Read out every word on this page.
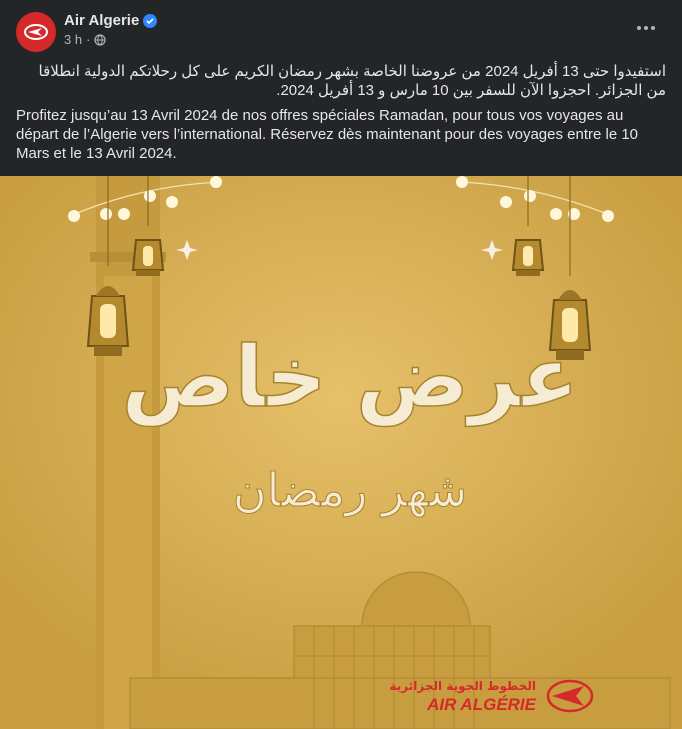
Air Algerie
3 h ·
استفيدوا حتى 13 أفريل 2024 من عروضنا الخاصة بشهر رمضان الكريم على كل رحلاتكم الدولية انطلاقا من الجزائر. احجزوا الآن للسفر بين 10 مارس و 13 أفريل 2024.
Profitez jusqu’au 13 Avril 2024 de nos offres spéciales Ramadan, pour tous vos voyages au départ de l’Algerie vers l’international. Réservez dès maintenant pour des voyages entre le 10 Mars et le 13 Avril 2024.
عرض خاص
شهر رمضان
الخطوط الجوية الجزائرية
AIR ALGÉRIE
